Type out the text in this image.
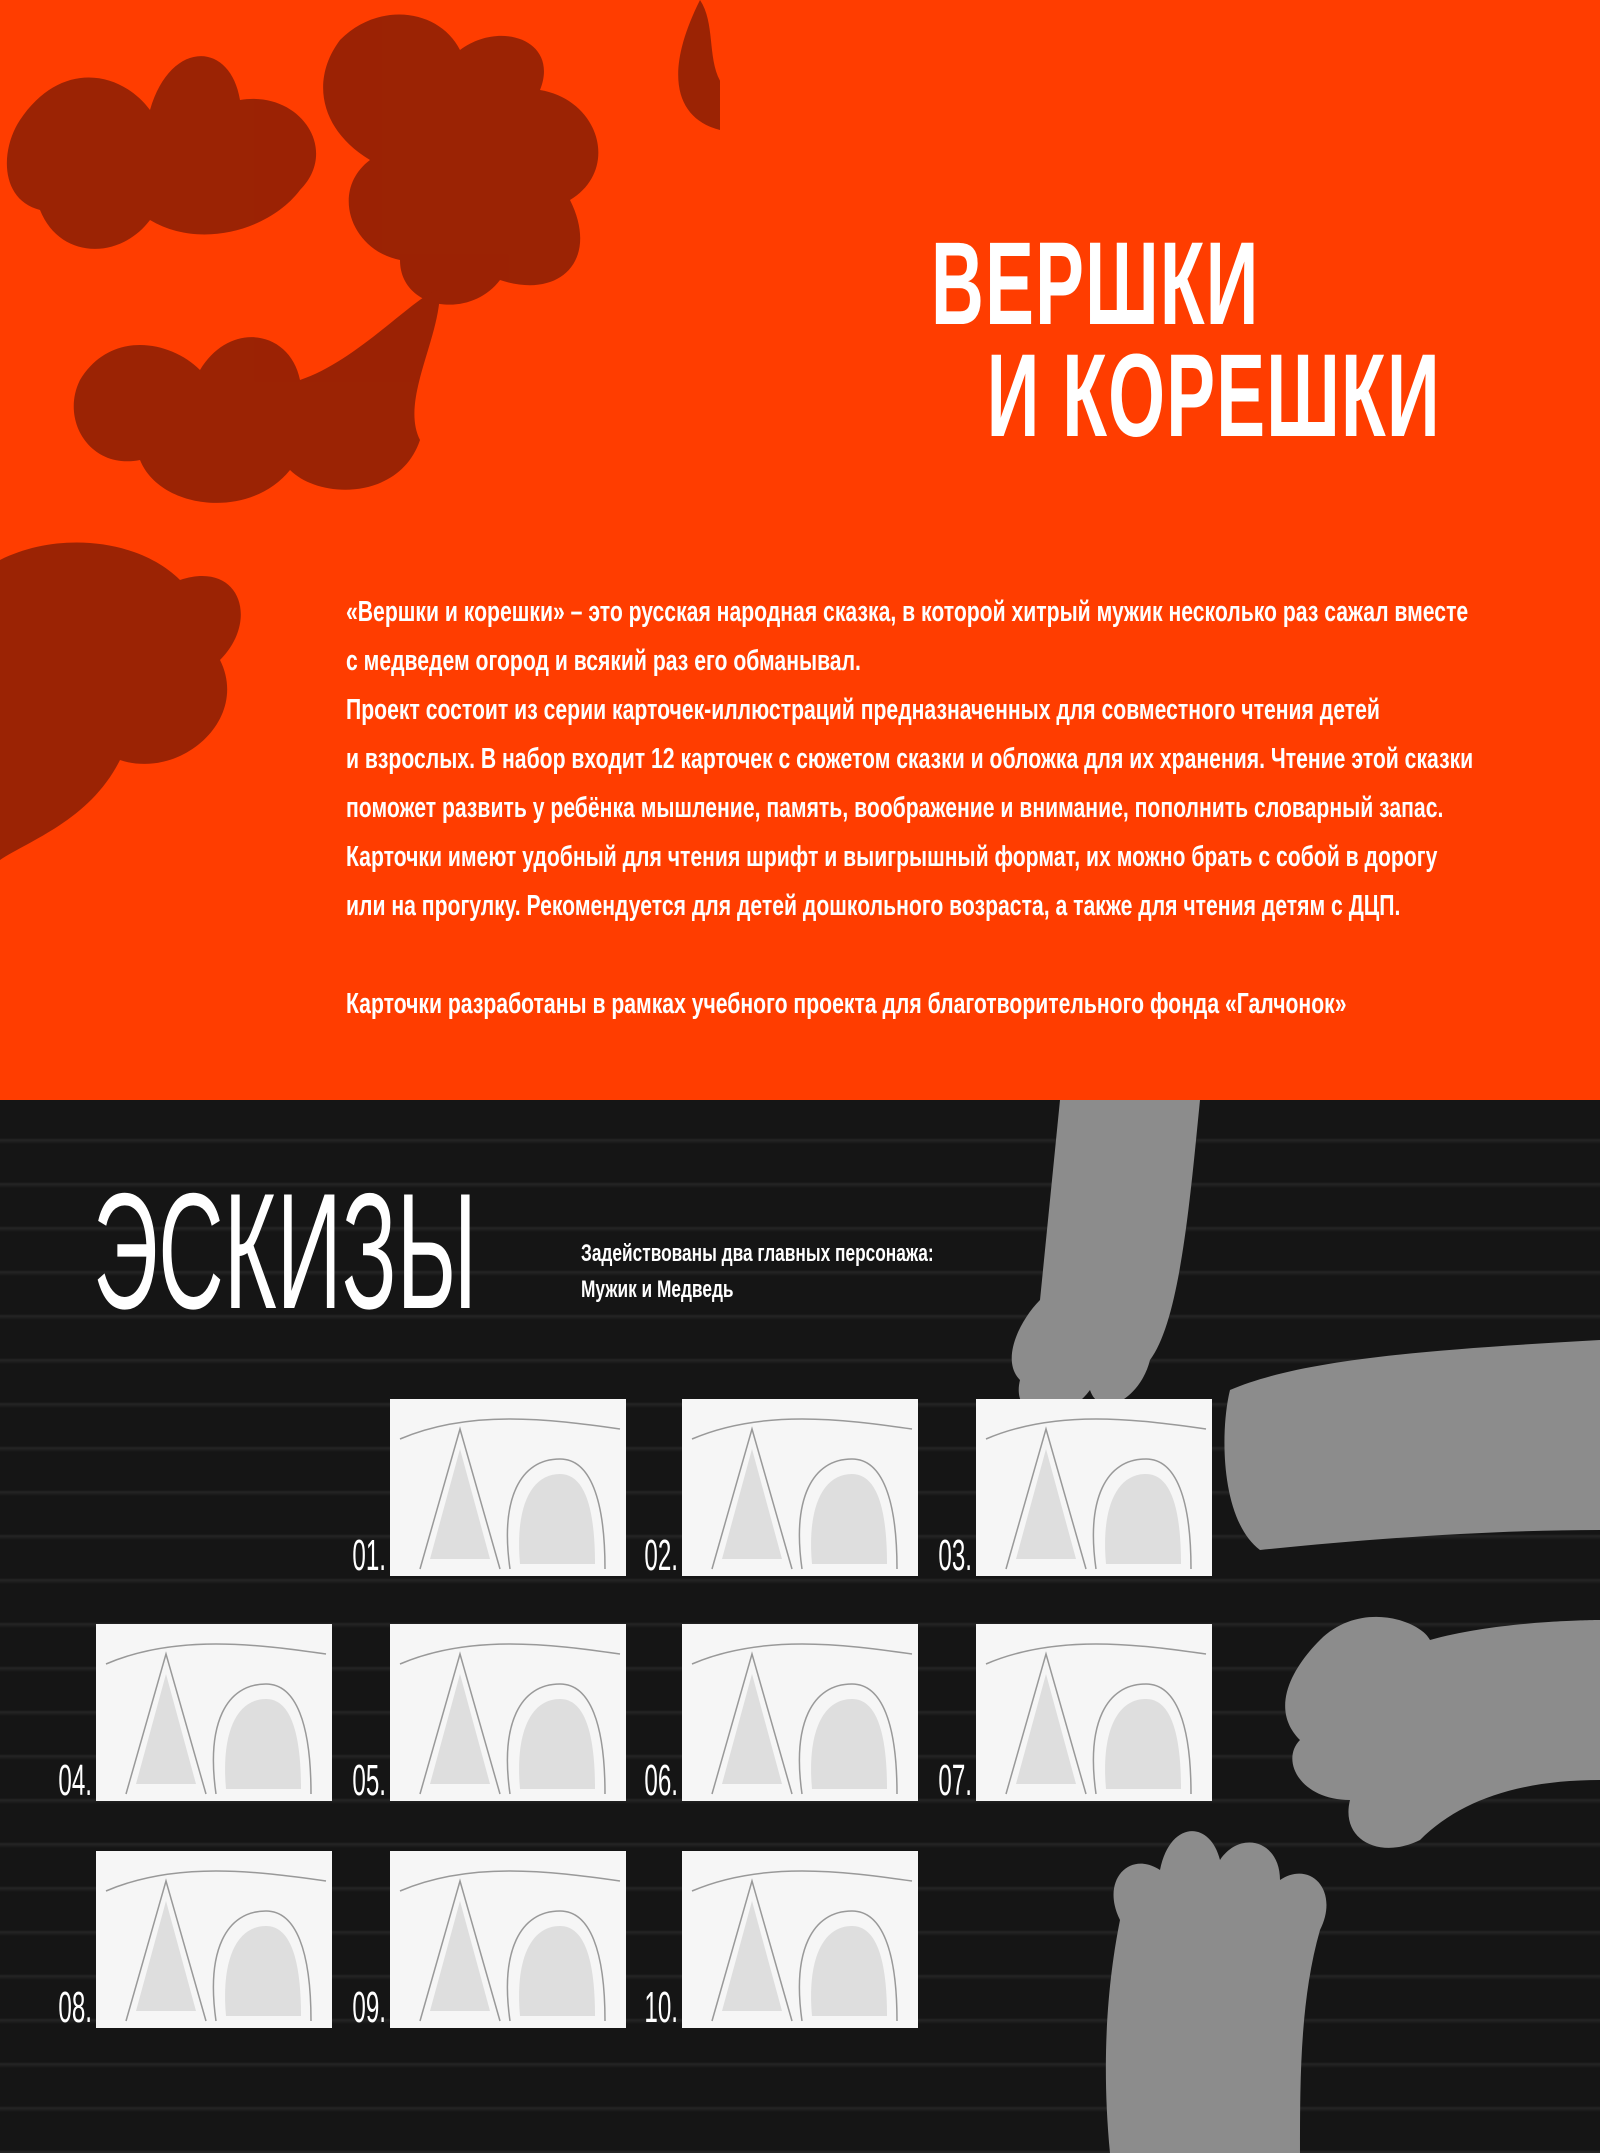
ВЕРШКИ
И КОРЕШКИ

«Вершки и корешки» – это русская народная сказка, в которой хитрый мужик несколько раз сажал вместе

с медведем огород и всякий раз его обманывал.

Проект состоит из серии карточек-иллюстраций предназначенных для совместного чтения детей

и взрослых. В набор входит 12 карточек с сюжетом сказки и обложка для их хранения. Чтение этой сказки

поможет развить у ребёнка мышление, память, воображение и внимание, пополнить словарный запас.

Карточки имеют удобный для чтения шрифт и выигрышный формат, их можно брать с собой в дорогу

или на прогулку. Рекомендуется для детей дошкольного возраста, а также для чтения детям с ДЦП.

Карточки разработаны в рамках учебного проекта для благотворительного фонда «Галчонок»

ЭСКИЗЫ	Задействованы два главных персонажа:
Мужик и Медведь
01.	02.	03.
04.	05.	06.	07.
08.	09.	10.
